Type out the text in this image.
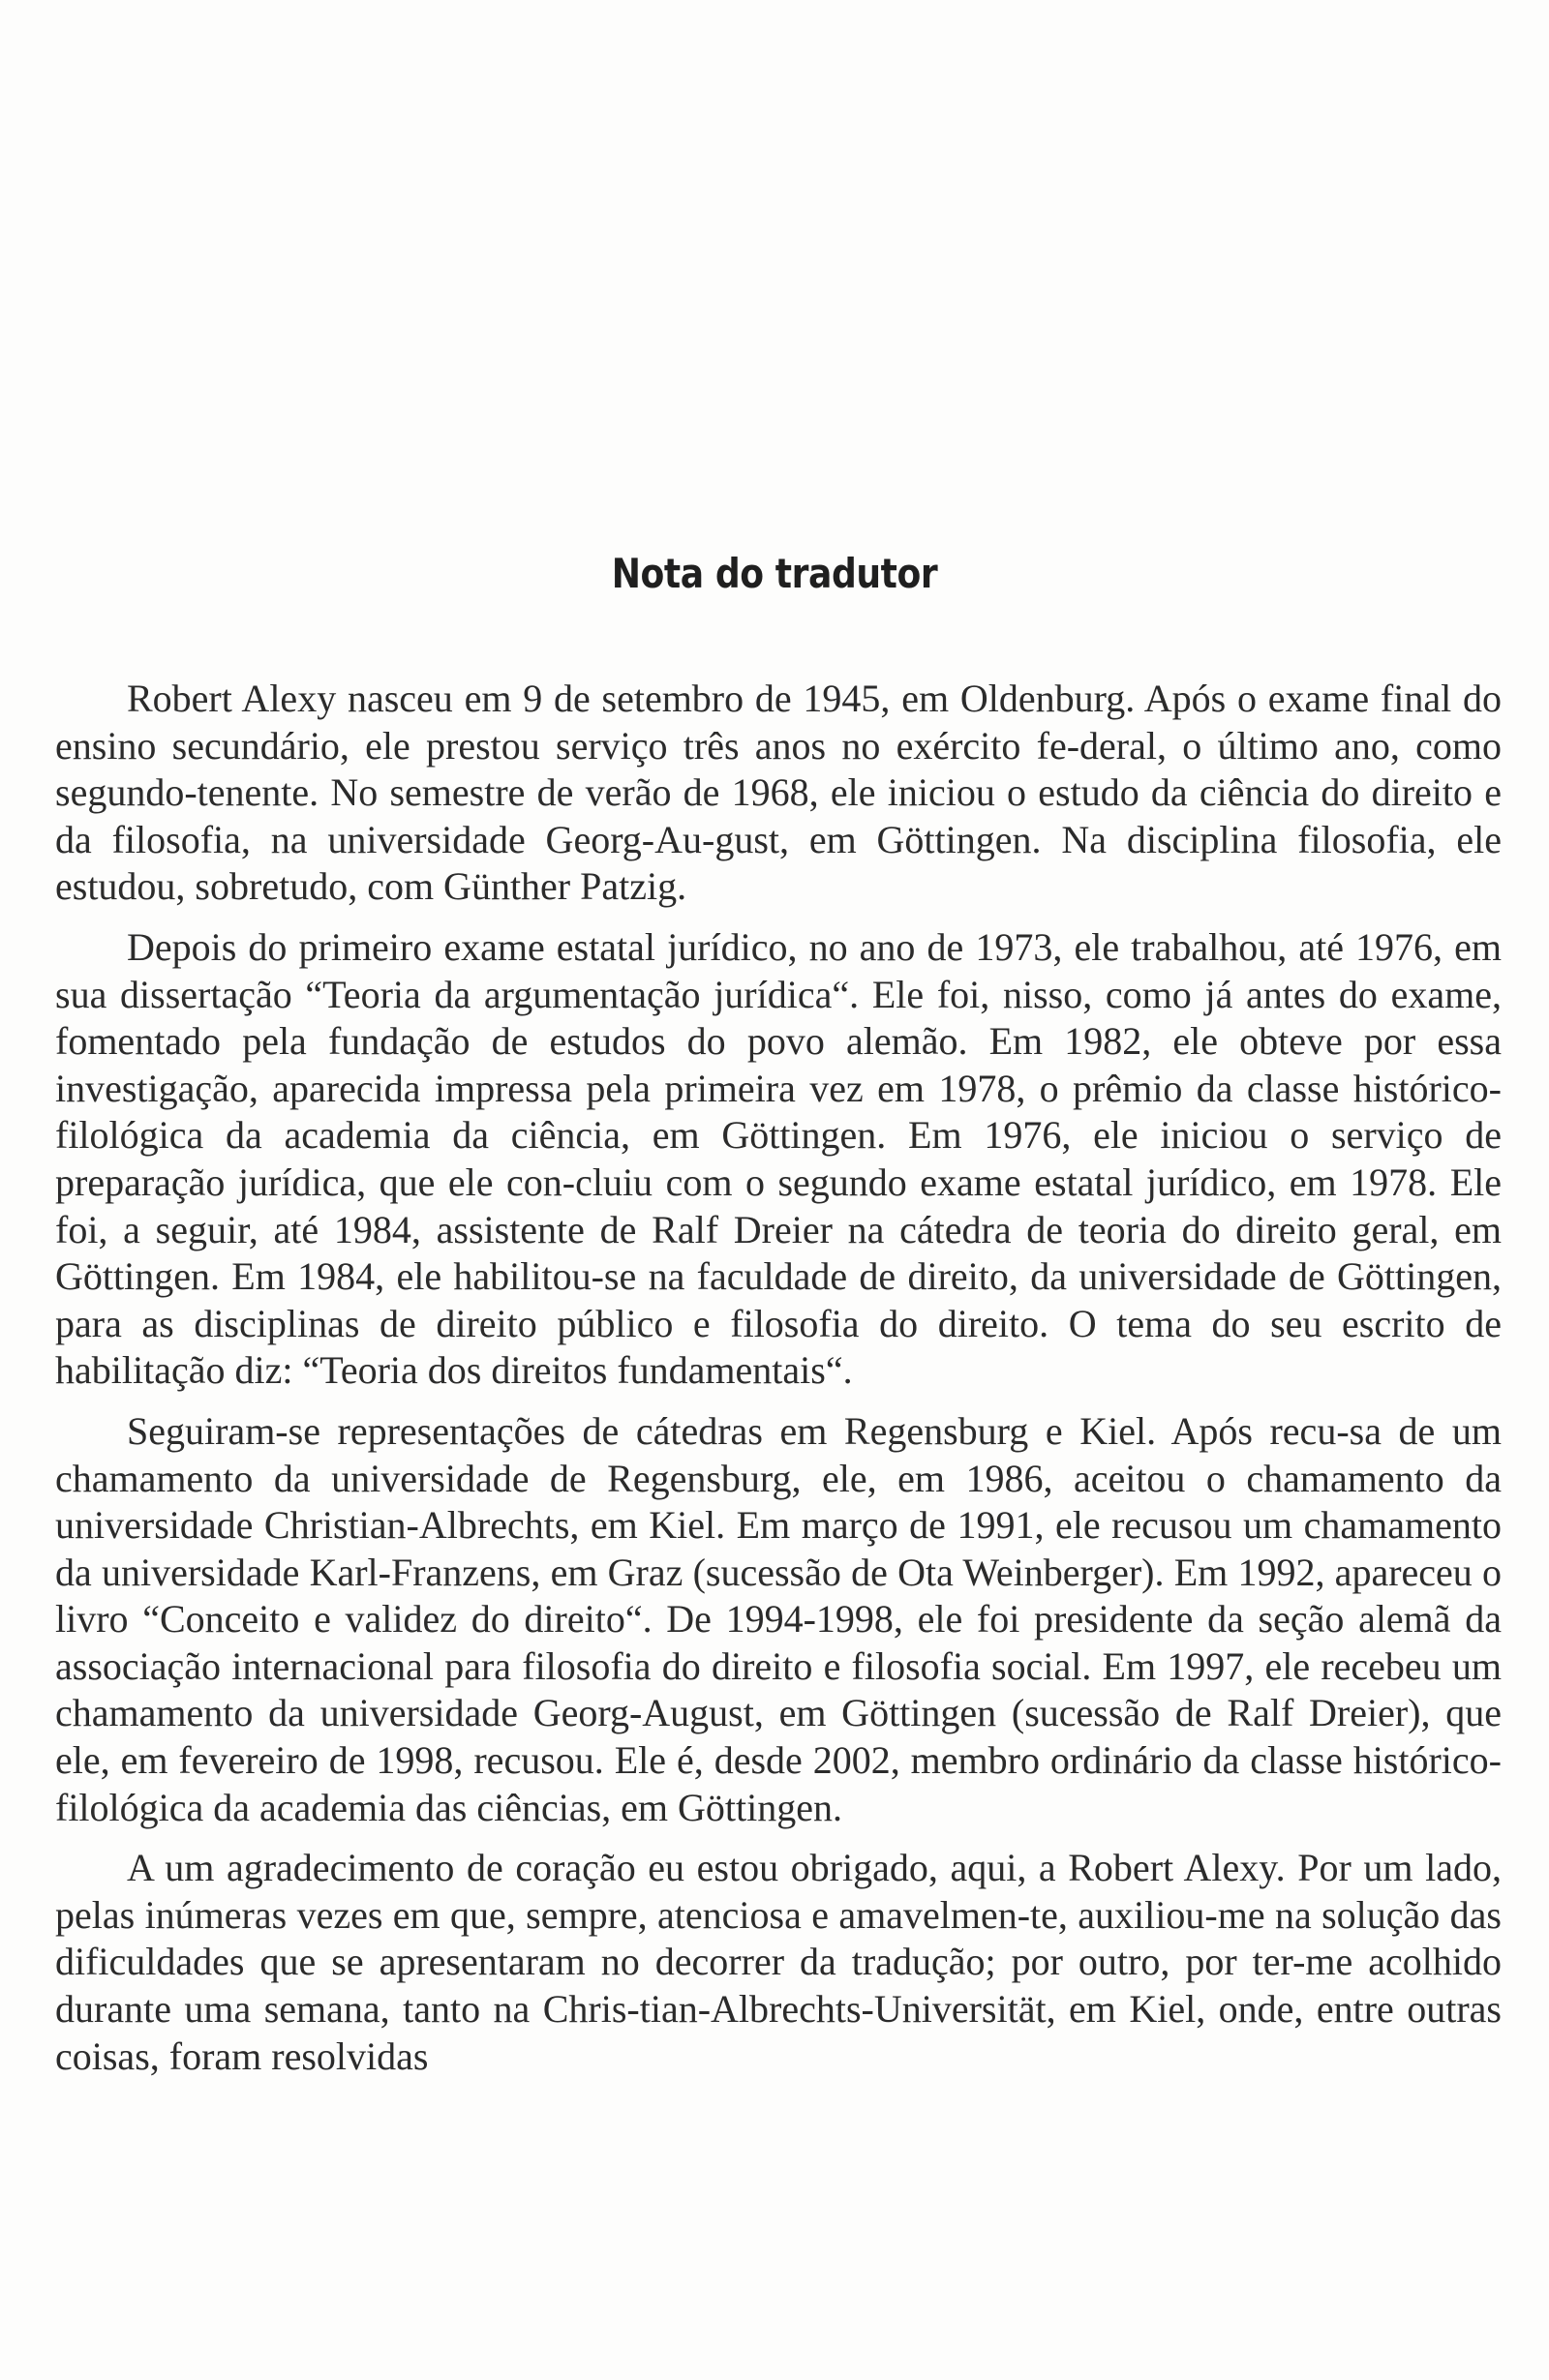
Nota do tradutor

Robert Alexy nasceu em 9 de setembro de 1945, em Oldenburg. Após o exame final do ensino secundário, ele prestou serviço três anos no exército fe-deral, o último ano, como segundo-tenente. No semestre de verão de 1968, ele iniciou o estudo da ciência do direito e da filosofia, na universidade Georg-Au-gust, em Göttingen. Na disciplina filosofia, ele estudou, sobretudo, com Günther Patzig.

Depois do primeiro exame estatal jurídico, no ano de 1973, ele trabalhou, até 1976, em sua dissertação “Teoria da argumentação jurídica“. Ele foi, nisso, como já antes do exame, fomentado pela fundação de estudos do povo alemão. Em 1982, ele obteve por essa investigação, aparecida impressa pela primeira vez em 1978, o prêmio da classe histórico-filológica da academia da ciência, em Göttingen. Em 1976, ele iniciou o serviço de preparação jurídica, que ele con-cluiu com o segundo exame estatal jurídico, em 1978. Ele foi, a seguir, até 1984, assistente de Ralf Dreier na cátedra de teoria do direito geral, em Göttingen. Em 1984, ele habilitou-se na faculdade de direito, da universidade de Göttingen, para as disciplinas de direito público e filosofia do direito. O tema do seu escrito de habilitação diz: “Teoria dos direitos fundamentais“.

Seguiram-se representações de cátedras em Regensburg e Kiel. Após recu-sa de um chamamento da universidade de Regensburg, ele, em 1986, aceitou o chamamento da universidade Christian-Albrechts, em Kiel. Em março de 1991, ele recusou um chamamento da universidade Karl-Franzens, em Graz (sucessão de Ota Weinberger). Em 1992, apareceu o livro “Conceito e validez do direito“. De 1994-1998, ele foi presidente da seção alemã da associação internacional para filosofia do direito e filosofia social. Em 1997, ele recebeu um chamamento da universidade Georg-August, em Göttingen (sucessão de Ralf Dreier), que ele, em fevereiro de 1998, recusou. Ele é, desde 2002, membro ordinário da classe histórico-filológica da academia das ciências, em Göttingen.

A um agradecimento de coração eu estou obrigado, aqui, a Robert Alexy. Por um lado, pelas inúmeras vezes em que, sempre, atenciosa e amavelmen-te, auxiliou-me na solução das dificuldades que se apresentaram no decorrer da tradução; por outro, por ter-me acolhido durante uma semana, tanto na Chris-tian-Albrechts-Universität, em Kiel, onde, entre outras coisas, foram resolvidas
